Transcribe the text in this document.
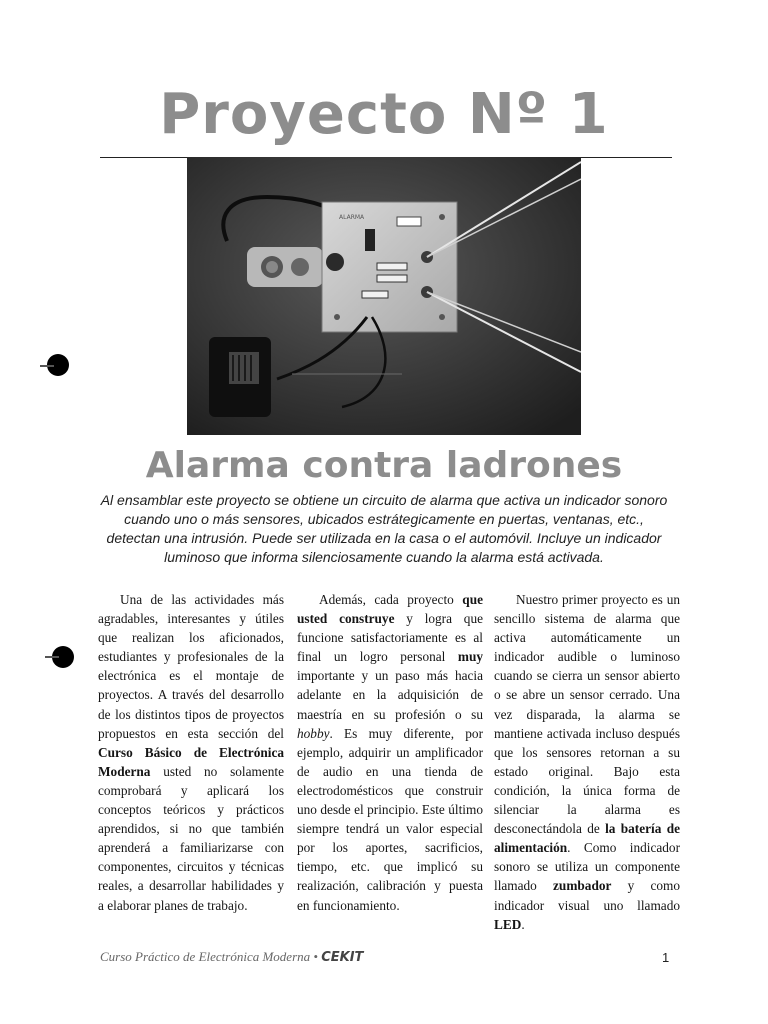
Proyecto Nº 1
ALARMA
Alarma contra ladrones

Al ensamblar este proyecto se obtiene un circuito de alarma que activa un indicador sonoro cuando uno o más sensores, ubicados estrátegicamente en puertas, ventanas, etc., detectan una intrusión. Puede ser utilizada en la casa o el automóvil. Incluye un indicador luminoso que informa silenciosamente cuando la alarma está activada.

Una de las actividades más agradables, interesantes y útiles que realizan los aficionados, estudiantes y profesionales de la electrónica es el montaje de proyectos. A través del desarrollo de los distintos tipos de proyectos propuestos en esta sección del Curso Básico de Electrónica Moderna usted no solamente comprobará y aplicará los conceptos teóricos y prácticos aprendidos, si no que también aprenderá a familiarizarse con componentes, circuitos y técnicas reales, a desarrollar habilidades y a elaborar planes de trabajo.

Además, cada proyecto que usted construye y logra que funcione satisfactoriamente es al final un logro personal muy importante y un paso más hacia adelante en la adquisición de maestría en su profesión o su hobby. Es muy diferente, por ejemplo, adquirir un amplificador de audio en una tienda de electrodomésticos que construir uno desde el principio. Este último siempre tendrá un valor especial por los aportes, sacrificios, tiempo, etc. que implicó su realización, calibración y puesta en funcionamiento.

Nuestro primer proyecto es un sencillo sistema de alarma que activa automáticamente un indicador audible o luminoso cuando se cierra un sensor abierto o se abre un sensor cerrado. Una vez disparada, la alarma se mantiene activada incluso después que los sensores retornan a su estado original. Bajo esta condición, la única forma de silenciar la alarma es desconectándola de la batería de alimentación. Como indicador sonoro se utiliza un componente llamado zumbador y como indicador visual uno llamado LED.

Curso Práctico de Electrónica Moderna • CEKIT	1
